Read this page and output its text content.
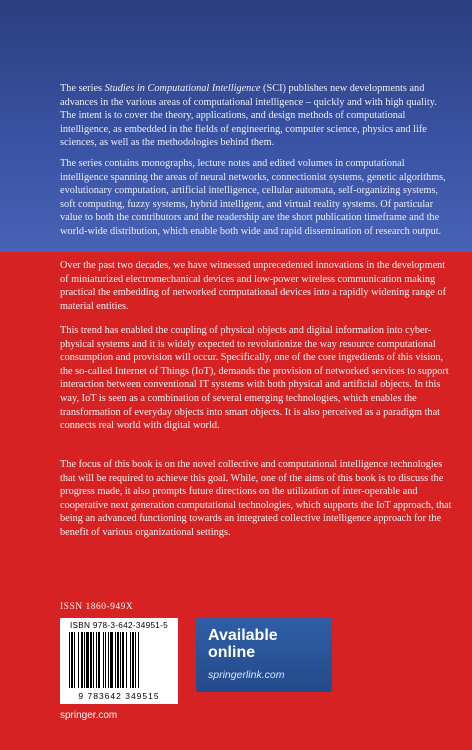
The series Studies in Computational Intelligence (SCI) publishes new developments and advances in the various areas of computational intelligence – quickly and with high quality. The intent is to cover the theory, applications, and design methods of computational intelligence, as embedded in the fields of engineering, computer science, physics and life sciences, as well as the methodologies behind them.

The series contains monographs, lecture notes and edited volumes in computational intelligence spanning the areas of neural networks, connectionist systems, genetic algorithms, evolutionary computation, artificial intelligence, cellular automata, self-organizing systems, soft computing, fuzzy systems, hybrid intelligent, and virtual reality systems. Of particular value to both the contributors and the readership are the short publication timeframe and the world-wide distribution, which enable both wide and rapid dissemination of research output.

Over the past two decades, we have witnessed unprecedented innovations in the development of miniaturized electromechanical devices and low-power wireless communication making practical the embedding of networked computational devices into a rapidly widening range of material entities.

This trend has enabled the coupling of physical objects and digital information into cyber-physical systems and it is widely expected to revolutionize the way resource computational consumption and provision will occur. Specifically, one of the core ingredients of this vision, the so-called Internet of Things (IoT), demands the provision of networked services to support interaction between conventional IT systems with both physical and artificial objects. In this way, IoT is seen as a combination of several emerging technologies, which enables the transformation of everyday objects into smart objects. It is also perceived as a paradigm that connects real world with digital world.

The focus of this book is on the novel collective and computational intelligence technologies that will be required to achieve this goal. While, one of the aims of this book is to discuss the progress made, it also prompts future directions on the utilization of inter-operable and cooperative next generation computational technologies, which supports the IoT approach, that being an advanced functioning towards an integrated collective intelligence approach for the benefit of various organizational settings.

ISSN 1860-949X
ISBN 978-3-642-34951-5
9 783642 349515
Available
online
springerlink.com
springer.com
